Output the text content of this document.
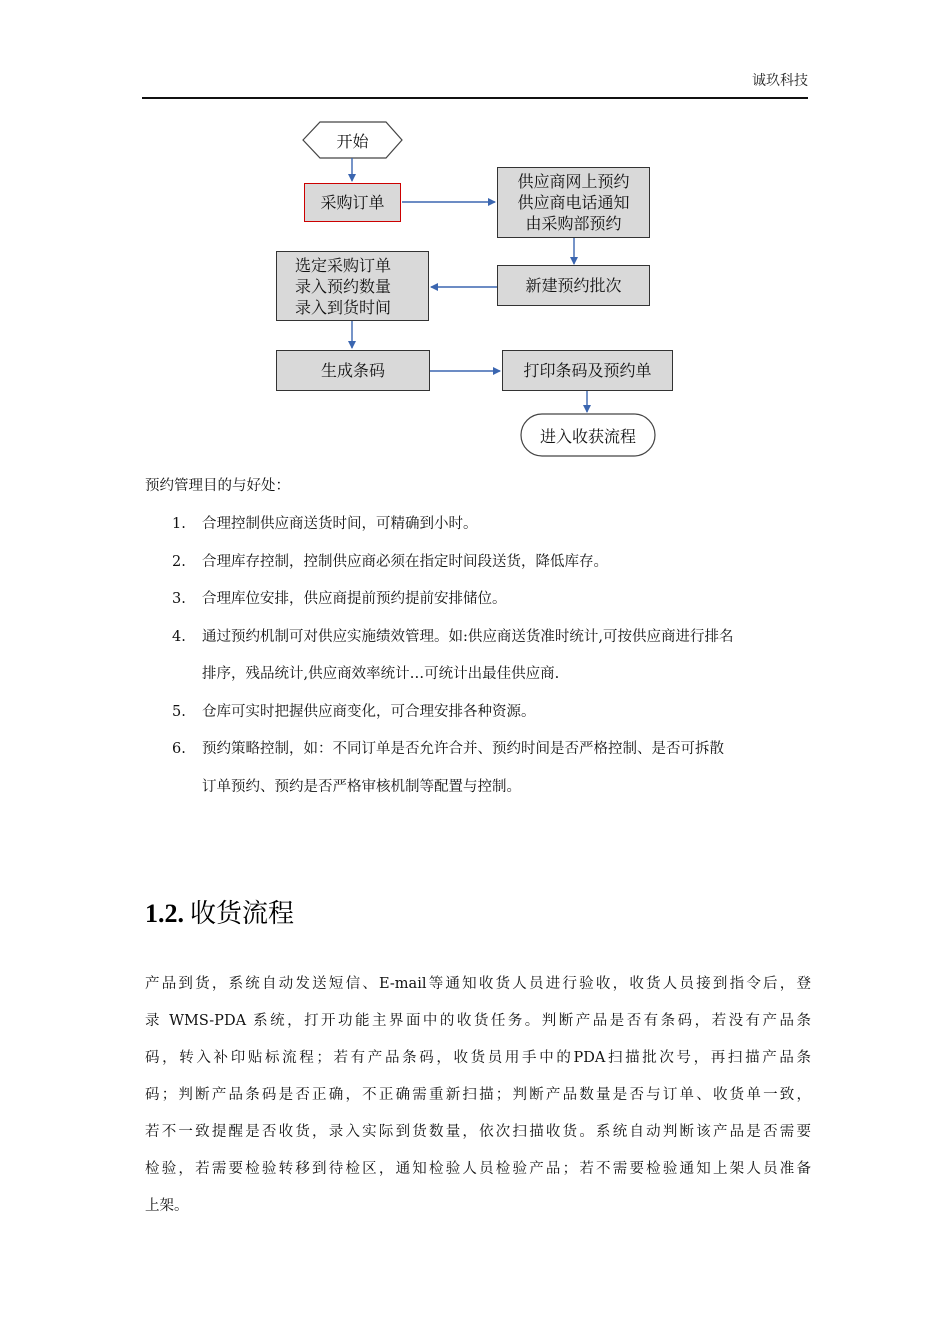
诚玖科技
开始
采购订单
供应商网上预约
供应商电话通知
由采购部预约
新建预约批次
选定采购订单
录入预约数量
录入到货时间
生成条码	打印条码及预约单
进入收获流程
预约管理目的与好处：
1. 合理控制供应商送货时间，可精确到小时。
2. 合理库存控制，控制供应商必须在指定时间段送货，降低库存。
3. 合理库位安排，供应商提前预约提前安排储位。
4. 通过预约机制可对供应实施绩效管理。如:供应商送货准时统计,可按供应商进行排名
排序，残品统计,供应商效率统计…可统计出最佳供应商.
5. 仓库可实时把握供应商变化，可合理安排各种资源。
6. 预约策略控制，如：不同订单是否允许合并、预约时间是否严格控制、是否可拆散
订单预约、预约是否严格审核机制等配置与控制。
1.2. 收货流程
产品到货，系统自动发送短信、E-mail等通知收货人员进行验收，收货人员接到指令后，登
录 WMS-PDA 系统，打开功能主界面中的收货任务。判断产品是否有条码，若没有产品条
码，转入补印贴标流程；若有产品条码，收货员用手中的PDA扫描批次号，再扫描产品条
码；判断产品条码是否正确，不正确需重新扫描；判断产品数量是否与订单、收货单一致，
若不一致提醒是否收货，录入实际到货数量，依次扫描收货。系统自动判断该产品是否需要
检验，若需要检验转移到待检区，通知检验人员检验产品；若不需要检验通知上架人员准备
上架。
